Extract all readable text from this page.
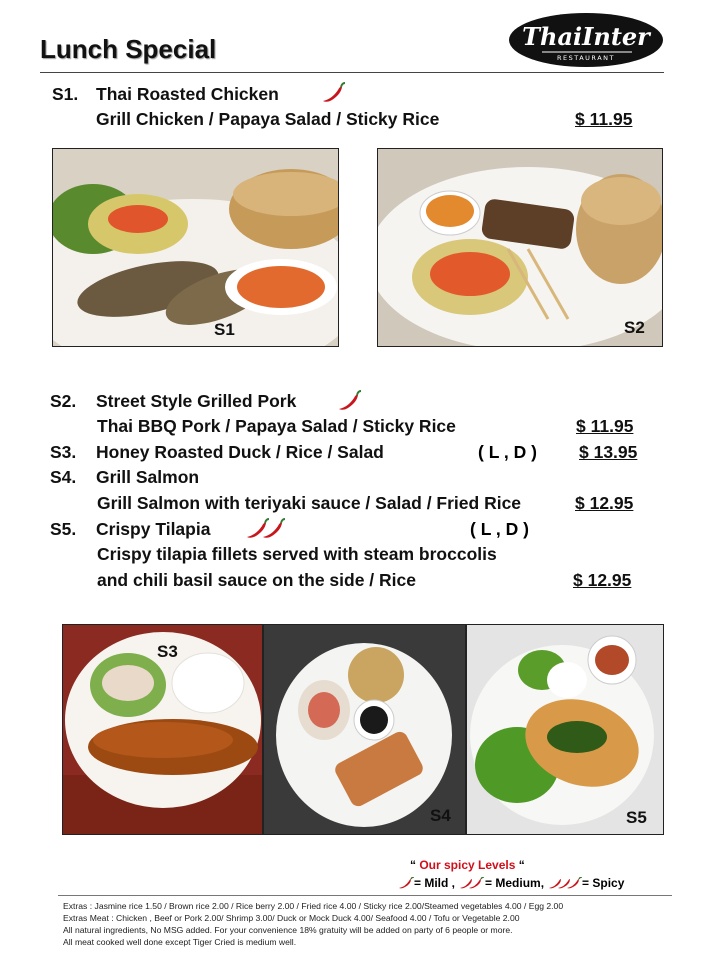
Lunch Special	ThaiInter
RESTAURANT
S1. Thai Roasted Chicken
Grill Chicken / Papaya Salad / Sticky Rice	$ 11.95
S1	S2
S2. Street Style Grilled Pork
Thai BBQ Pork / Papaya Salad / Sticky Rice	$ 11.95
S3. Honey Roasted Duck / Rice / Salad	( L , D ) $ 13.95
S4. Grill Salmon
Grill Salmon with teriyaki sauce / Salad / Fried Rice	$ 12.95
S5. Crispy Tilapia	( L , D )
Crispy tilapia fillets served with steam broccolis
and chili basil sauce on the side / Rice	$ 12.95
S3
S4	S5
“ Our spicy Levels “
= Mild ,	= Medium,	= Spicy
Extras : Jasmine rice 1.50 / Brown rice 2.00 / Rice berry 2.00 / Fried rice 4.00 / Sticky rice 2.00/Steamed vegetables 4.00 / Egg 2.00
Extras Meat : Chicken , Beef or Pork 2.00/ Shrimp 3.00/ Duck or Mock Duck 4.00/ Seafood 4.00 / Tofu or Vegetable 2.00
All natural ingredients, No MSG added. For your convenience 18% gratuity will be added on party of 6 people or more.
All meat cooked well done except Tiger Cried is medium well.
